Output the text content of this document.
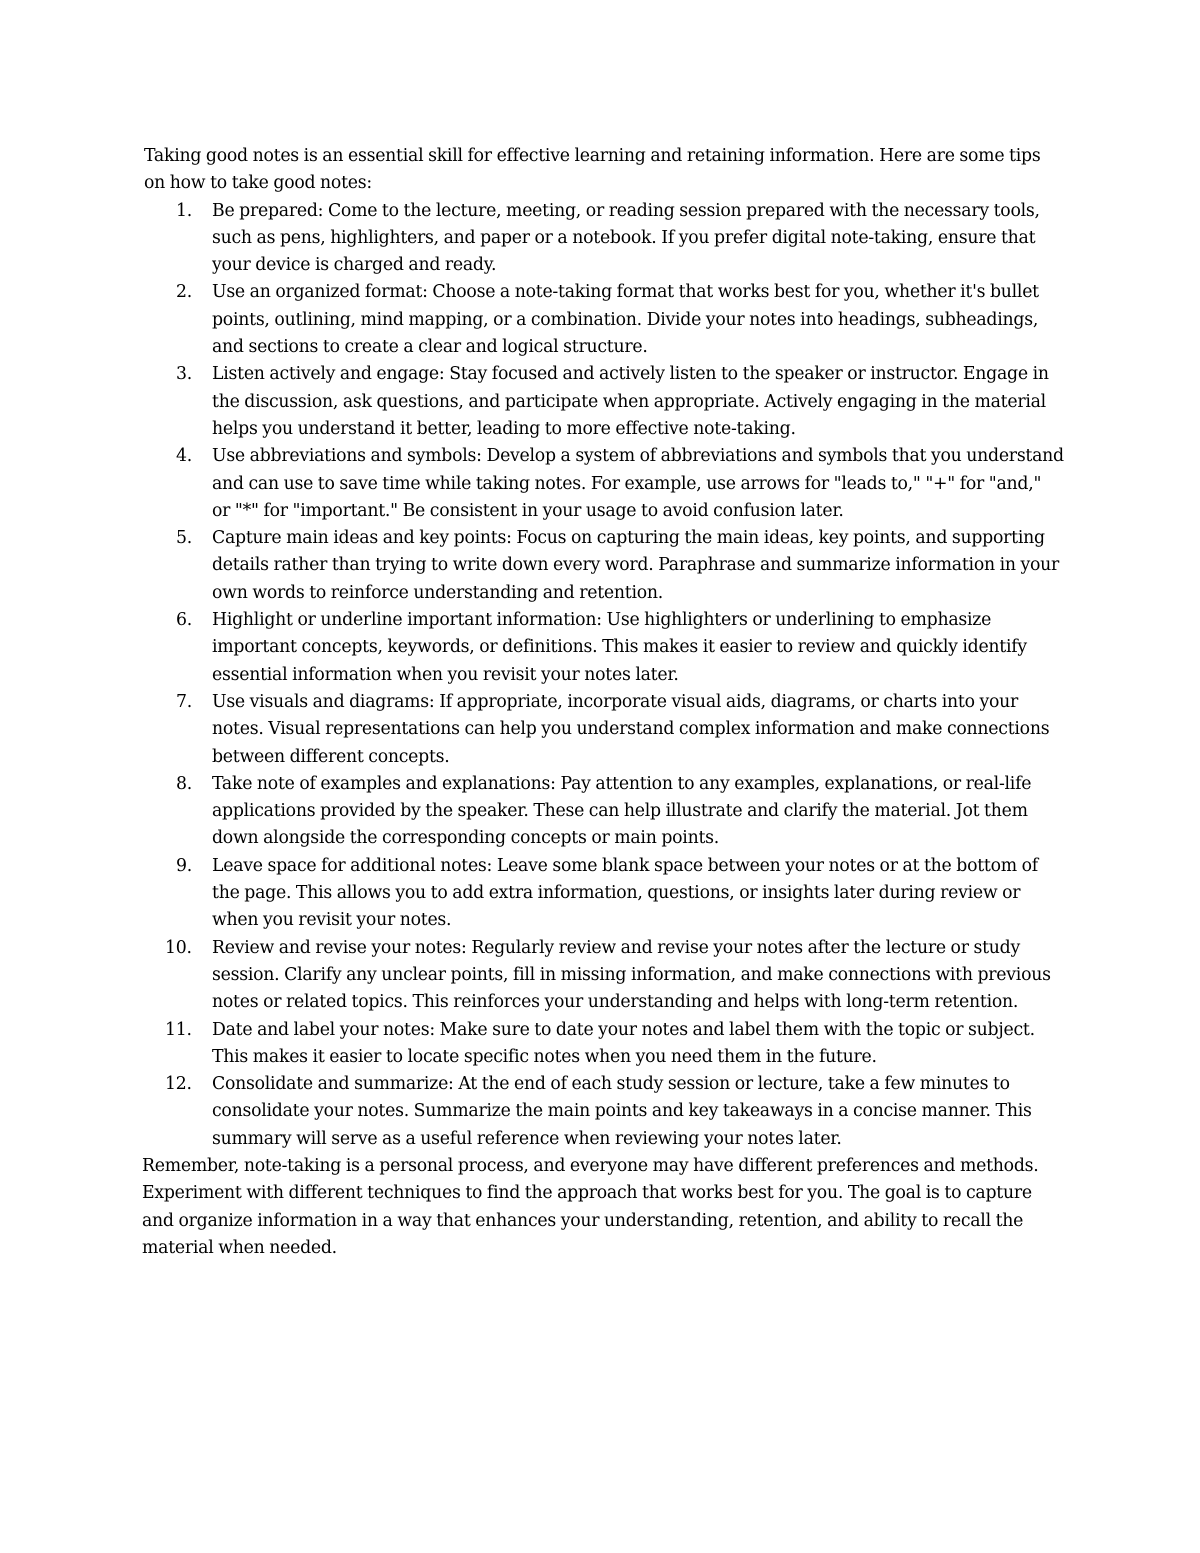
Taking good notes is an essential skill for effective learning and retaining information. Here are some tips on how to take good notes:

1.	Be prepared: Come to the lecture, meeting, or reading session prepared with the necessary tools, such as pens, highlighters, and paper or a notebook. If you prefer digital note-taking, ensure that your device is charged and ready.
2.	Use an organized format: Choose a note-taking format that works best for you, whether it's bullet points, outlining, mind mapping, or a combination. Divide your notes into headings, subheadings, and sections to create a clear and logical structure.
3.	Listen actively and engage: Stay focused and actively listen to the speaker or instructor. Engage in the discussion, ask questions, and participate when appropriate. Actively engaging in the material helps you understand it better, leading to more effective note-taking.
4.	Use abbreviations and symbols: Develop a system of abbreviations and symbols that you understand and can use to save time while taking notes. For example, use arrows for "leads to," "+" for "and," or "*" for "important." Be consistent in your usage to avoid confusion later.
5.	Capture main ideas and key points: Focus on capturing the main ideas, key points, and supporting details rather than trying to write down every word. Paraphrase and summarize information in your own words to reinforce understanding and retention.
6.	Highlight or underline important information: Use highlighters or underlining to emphasize important concepts, keywords, or definitions. This makes it easier to review and quickly identify essential information when you revisit your notes later.
7.	Use visuals and diagrams: If appropriate, incorporate visual aids, diagrams, or charts into your notes. Visual representations can help you understand complex information and make connections between different concepts.
8.	Take note of examples and explanations: Pay attention to any examples, explanations, or real-life applications provided by the speaker. These can help illustrate and clarify the material. Jot them down alongside the corresponding concepts or main points.
9.	Leave space for additional notes: Leave some blank space between your notes or at the bottom of the page. This allows you to add extra information, questions, or insights later during review or when you revisit your notes.
10. Review and revise your notes: Regularly review and revise your notes after the lecture or study session. Clarify any unclear points, fill in missing information, and make connections with previous notes or related topics. This reinforces your understanding and helps with long-term retention.
11. Date and label your notes: Make sure to date your notes and label them with the topic or subject. This makes it easier to locate specific notes when you need them in the future.
12. Consolidate and summarize: At the end of each study session or lecture, take a few minutes to consolidate your notes. Summarize the main points and key takeaways in a concise manner. This summary will serve as a useful reference when reviewing your notes later.

Remember, note-taking is a personal process, and everyone may have different preferences and methods. Experiment with different techniques to find the approach that works best for you. The goal is to capture and organize information in a way that enhances your understanding, retention, and ability to recall the material when needed.
